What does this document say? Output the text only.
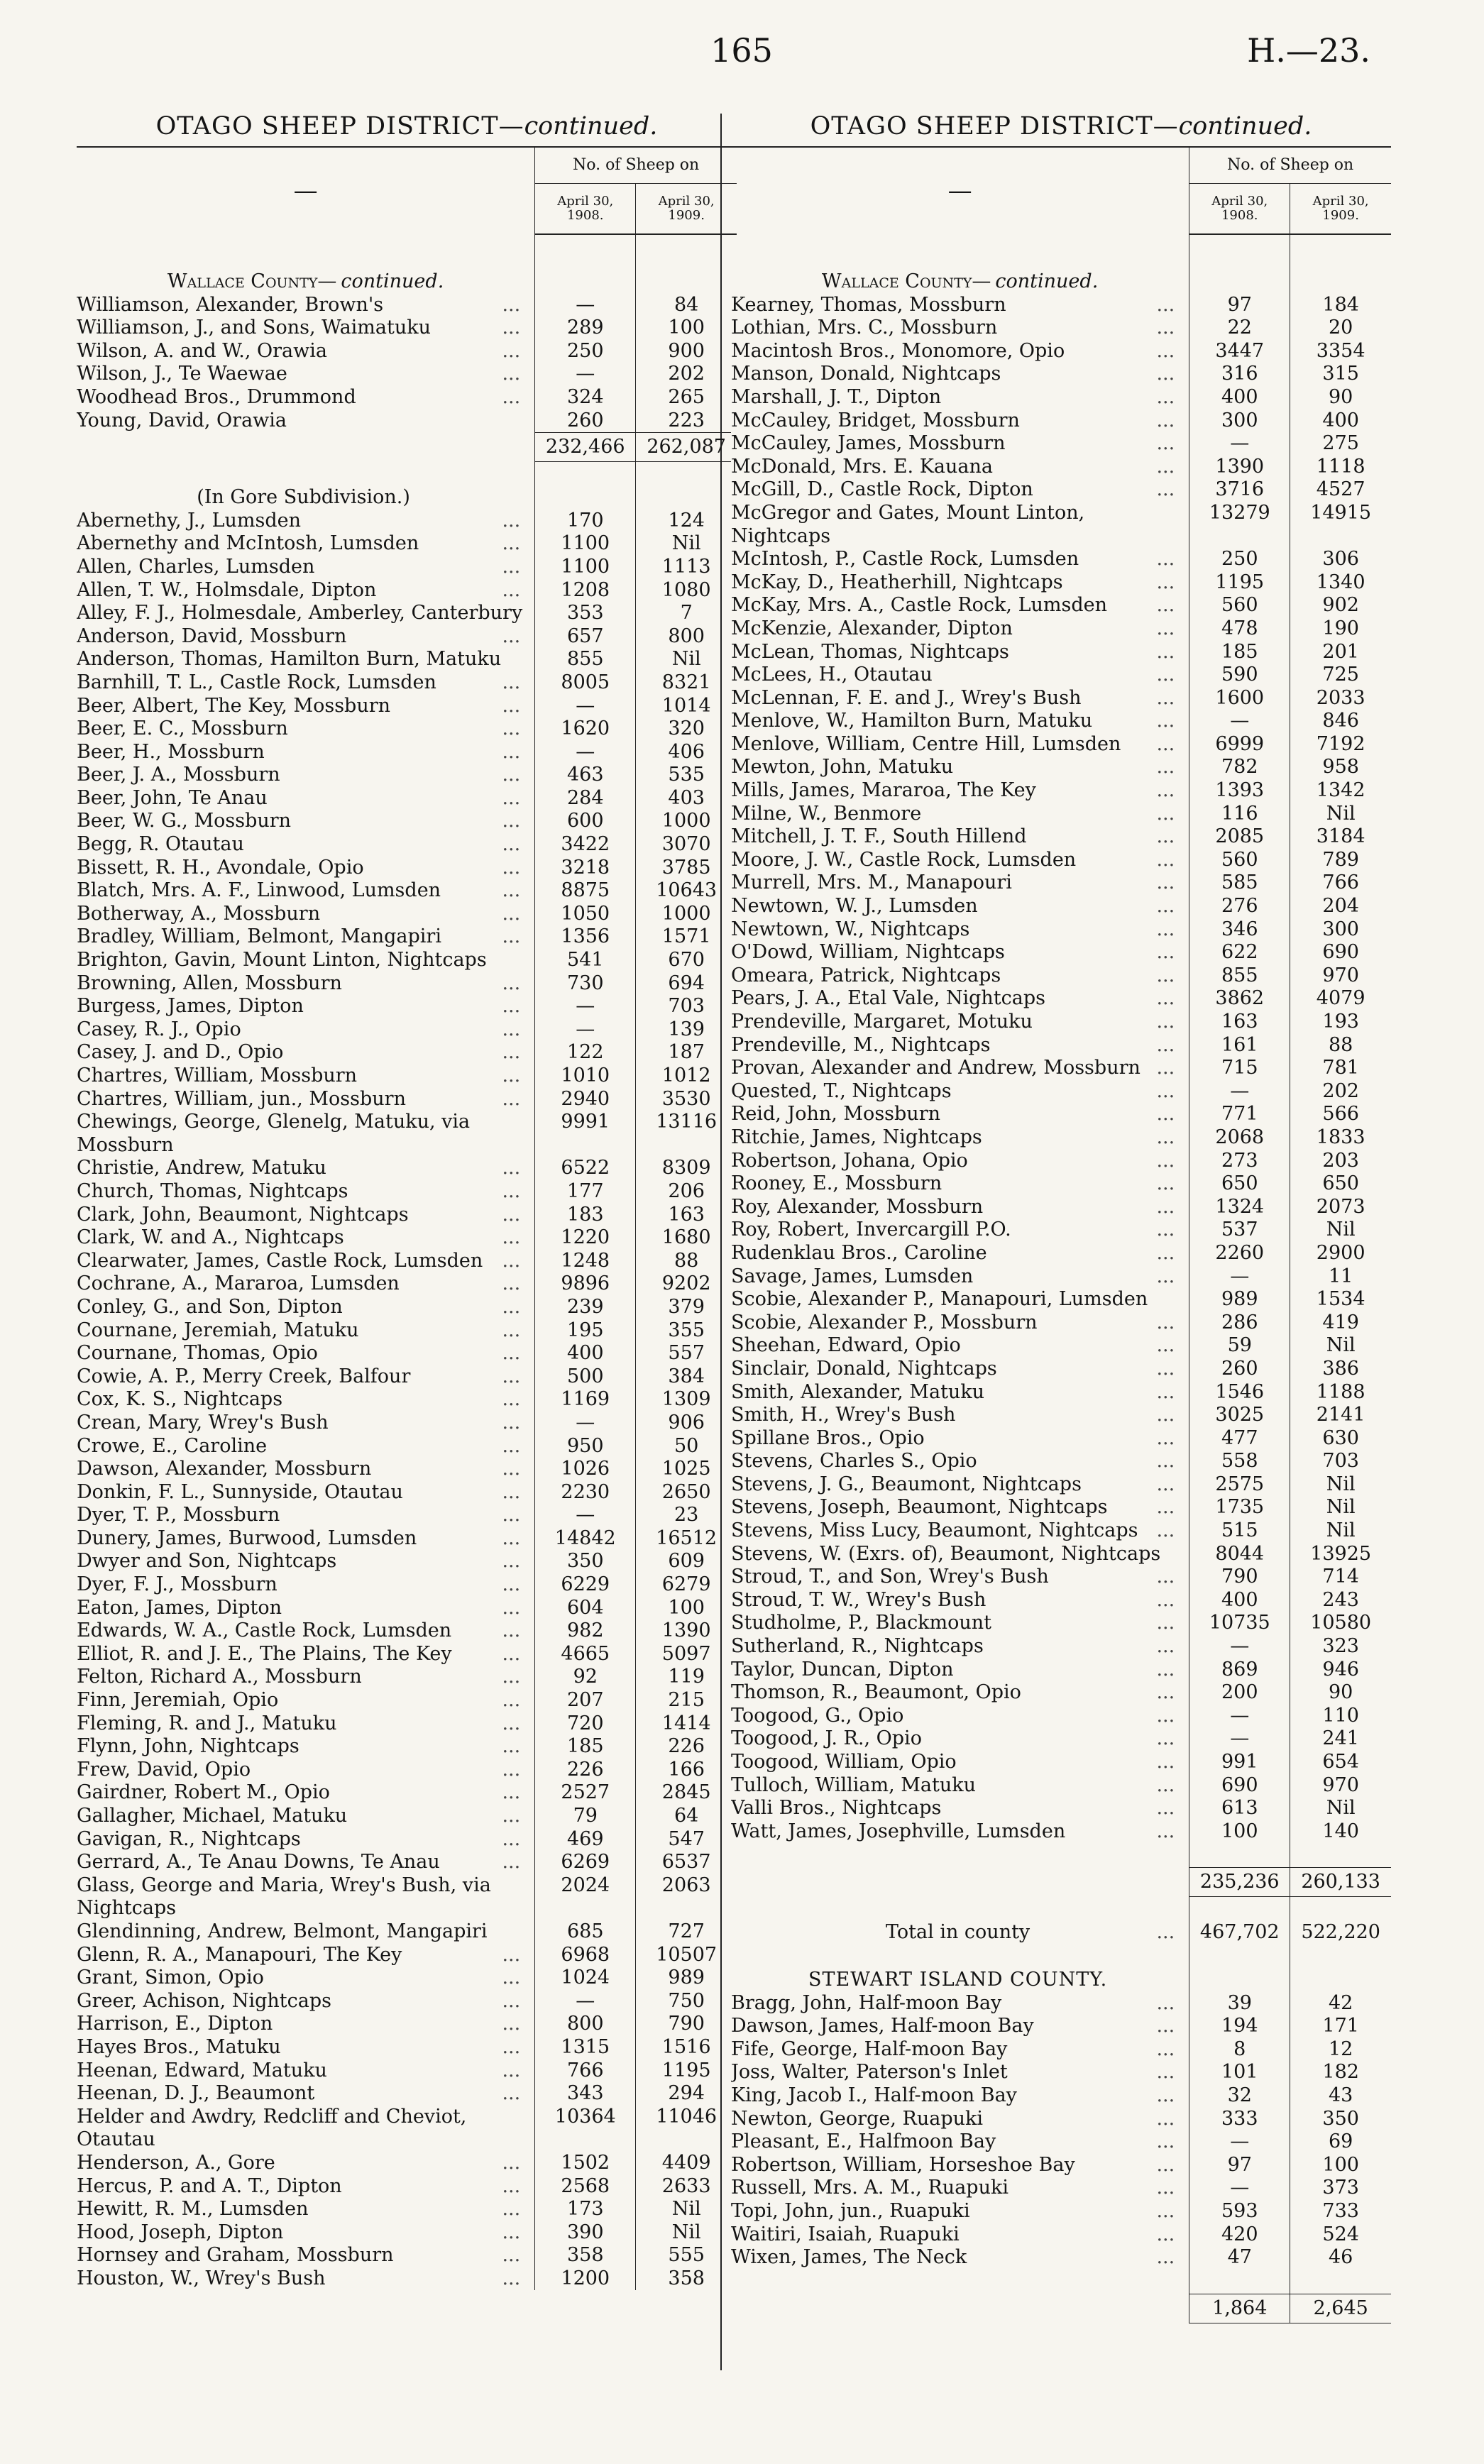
165	H.—23.
OTAGO SHEEP DISTRICT—continued.
—	No. of Sheep on	

	April 30,
1908.	April 30,
1909.

Wallace County— continued.		
Williamson, Alexander, Brown's ...	—	84
Williamson, J., and Sons, Waimatuku ...	289	100
Wilson, A. and W., Orawia ...	250	900
Wilson, J., Te Waewae ...	—	202
Woodhead Bros., Drummond ...	324	265
Young, David, Orawia	260	223
	232,466	262,087

(In Gore Subdivision.)		
Abernethy, J., Lumsden ...	170	124
Abernethy and McIntosh, Lumsden ...	1100	Nil
Allen, Charles, Lumsden ...	1100	1113
Allen, T. W., Holmsdale, Dipton ...	1208	1080

Alley, F. J., Holmesdale, Amberley, Canterbury	353	7
Anderson, David, Mossburn ...	657	800
Anderson, Thomas, Hamilton Burn, Matuku	855	Nil
Barnhill, T. L., Castle Rock, Lumsden ...	8005	8321
Beer, Albert, The Key, Mossburn ...	—	1014
Beer, E. C., Mossburn ...	1620	320
Beer, H., Mossburn ...	—	406
Beer, J. A., Mossburn ...	463	535
Beer, John, Te Anau ...	284	403
Beer, W. G., Mossburn ...	600	1000
Begg, R. Otautau ...	3422	3070
Bissett, R. H., Avondale, Opio ...	3218	3785
Blatch, Mrs. A. F., Linwood, Lumsden ...	8875	10643
Botherway, A., Mossburn ...	1050	1000
Bradley, William, Belmont, Mangapiri ...	1356	1571
Brighton, Gavin, Mount Linton, Nightcaps	541	670
Browning, Allen, Mossburn ...	730	694
Burgess, James, Dipton ...	—	703
Casey, R. J., Opio ...	—	139
Casey, J. and D., Opio ...	122	187
Chartres, William, Mossburn ...	1010	1012
Chartres, William, jun., Mossburn ...	2940	3530

Chewings, George, Glenelg, Matuku, via Mossburn	9991	13116
Christie, Andrew, Matuku ...	6522	8309
Church, Thomas, Nightcaps ...	177	206
Clark, John, Beaumont, Nightcaps ...	183	163
Clark, W. and A., Nightcaps ...	1220	1680
Clearwater, James, Castle Rock, Lumsden ...	1248	88
Cochrane, A., Mararoa, Lumsden ...	9896	9202
Conley, G., and Son, Dipton ...	239	379
Cournane, Jeremiah, Matuku ...	195	355
Cournane, Thomas, Opio ...	400	557
Cowie, A. P., Merry Creek, Balfour ...	500	384
Cox, K. S., Nightcaps ...	1169	1309
Crean, Mary, Wrey's Bush ...	—	906
Crowe, E., Caroline ...	950	50
Dawson, Alexander, Mossburn ...	1026	1025
Donkin, F. L., Sunnyside, Otautau ...	2230	2650
Dyer, T. P., Mossburn ...	—	23
Dunery, James, Burwood, Lumsden ...	14842	16512
Dwyer and Son, Nightcaps ...	350	609
Dyer, F. J., Mossburn ...	6229	6279
Eaton, James, Dipton ...	604	100
Edwards, W. A., Castle Rock, Lumsden ...	982	1390
Elliot, R. and J. E., The Plains, The Key ...	4665	5097
Felton, Richard A., Mossburn ...	92	119
Finn, Jeremiah, Opio ...	207	215
Fleming, R. and J., Matuku ...	720	1414
Flynn, John, Nightcaps ...	185	226
Frew, David, Opio ...	226	166
Gairdner, Robert M., Opio ...	2527	2845
Gallagher, Michael, Matuku ...	79	64
Gavigan, R., Nightcaps ...	469	547
Gerrard, A., Te Anau Downs, Te Anau ...	6269	6537

Glass, George and Maria, Wrey's Bush, via Nightcaps	2024	2063
Glendinning, Andrew, Belmont, Mangapiri	685	727
Glenn, R. A., Manapouri, The Key ...	6968	10507
Grant, Simon, Opio ...	1024	989
Greer, Achison, Nightcaps ...	—	750
Harrison, E., Dipton ...	800	790
Hayes Bros., Matuku ...	1315	1516
Heenan, Edward, Matuku ...	766	1195
Heenan, D. J., Beaumont ...	343	294

Helder and Awdry, Redcliff and Cheviot, Otautau	10364	11046
Henderson, A., Gore ...	1502	4409
Hercus, P. and A. T., Dipton ...	2568	2633
Hewitt, R. M., Lumsden ...	173	Nil
Hood, Joseph, Dipton ...	390	Nil
Hornsey and Graham, Mossburn ...	358	555
Houston, W., Wrey's Bush ...	1200	358
OTAGO SHEEP DISTRICT—continued.
—	No. of Sheep on	

	April 30,
1908.	April 30,
1909.

Wallace County— continued.		
Kearney, Thomas, Mossburn ...	97	184
Lothian, Mrs. C., Mossburn ...	22	20
Macintosh Bros., Monomore, Opio ...	3447	3354
Manson, Donald, Nightcaps ...	316	315
Marshall, J. T., Dipton ...	400	90
McCauley, Bridget, Mossburn ...	300	400
McCauley, James, Mossburn ...	—	275
McDonald, Mrs. E. Kauana ...	1390	1118
McGill, D., Castle Rock, Dipton ...	3716	4527

McGregor and Gates, Mount Linton, Nightcaps	13279	14915
McIntosh, P., Castle Rock, Lumsden ...	250	306
McKay, D., Heatherhill, Nightcaps ...	1195	1340
McKay, Mrs. A., Castle Rock, Lumsden ...	560	902
McKenzie, Alexander, Dipton ...	478	190
McLean, Thomas, Nightcaps ...	185	201
McLees, H., Otautau ...	590	725
McLennan, F. E. and J., Wrey's Bush ...	1600	2033
Menlove, W., Hamilton Burn, Matuku ...	—	846
Menlove, William, Centre Hill, Lumsden ...	6999	7192
Mewton, John, Matuku ...	782	958
Mills, James, Mararoa, The Key ...	1393	1342
Milne, W., Benmore ...	116	Nil
Mitchell, J. T. F., South Hillend ...	2085	3184
Moore, J. W., Castle Rock, Lumsden ...	560	789
Murrell, Mrs. M., Manapouri ...	585	766
Newtown, W. J., Lumsden ...	276	204
Newtown, W., Nightcaps ...	346	300
O'Dowd, William, Nightcaps ...	622	690
Omeara, Patrick, Nightcaps ...	855	970
Pears, J. A., Etal Vale, Nightcaps ...	3862	4079
Prendeville, Margaret, Motuku ...	163	193
Prendeville, M., Nightcaps ...	161	88
Provan, Alexander and Andrew, Mossburn ...	715	781
Quested, T., Nightcaps ...	—	202
Reid, John, Mossburn ...	771	566
Ritchie, James, Nightcaps ...	2068	1833
Robertson, Johana, Opio ...	273	203
Rooney, E., Mossburn ...	650	650
Roy, Alexander, Mossburn ...	1324	2073
Roy, Robert, Invercargill P.O. ...	537	Nil
Rudenklau Bros., Caroline ...	2260	2900
Savage, James, Lumsden ...	—	11
Scobie, Alexander P., Manapouri, Lumsden	989	1534
Scobie, Alexander P., Mossburn ...	286	419
Sheehan, Edward, Opio ...	59	Nil
Sinclair, Donald, Nightcaps ...	260	386
Smith, Alexander, Matuku ...	1546	1188
Smith, H., Wrey's Bush ...	3025	2141
Spillane Bros., Opio ...	477	630
Stevens, Charles S., Opio ...	558	703
Stevens, J. G., Beaumont, Nightcaps ...	2575	Nil
Stevens, Joseph, Beaumont, Nightcaps ...	1735	Nil
Stevens, Miss Lucy, Beaumont, Nightcaps ...	515	Nil
Stevens, W. (Exrs. of), Beaumont, Nightcaps	8044	13925
Stroud, T., and Son, Wrey's Bush ...	790	714
Stroud, T. W., Wrey's Bush ...	400	243
Studholme, P., Blackmount ...	10735	10580
Sutherland, R., Nightcaps ...	—	323
Taylor, Duncan, Dipton ...	869	946
Thomson, R., Beaumont, Opio ...	200	90
Toogood, G., Opio ...	—	110
Toogood, J. R., Opio ...	—	241
Toogood, William, Opio ...	991	654
Tulloch, William, Matuku ...	690	970
Valli Bros., Nightcaps ...	613	Nil
Watt, James, Josephville, Lumsden ...	100	140

	235,236	260,133

Total in county ...	467,702	522,220

STEWART ISLAND COUNTY.		
Bragg, John, Half-moon Bay ...	39	42
Dawson, James, Half-moon Bay ...	194	171
Fife, George, Half-moon Bay ...	8	12
Joss, Walter, Paterson's Inlet ...	101	182
King, Jacob I., Half-moon Bay ...	32	43
Newton, George, Ruapuki ...	333	350
Pleasant, E., Halfmoon Bay ...	—	69
Robertson, William, Horseshoe Bay ...	97	100
Russell, Mrs. A. M., Ruapuki ...	—	373
Topi, John, jun., Ruapuki ...	593	733
Waitiri, Isaiah, Ruapuki ...	420	524
Wixen, James, The Neck ...	47	46

	1,864	2,645
